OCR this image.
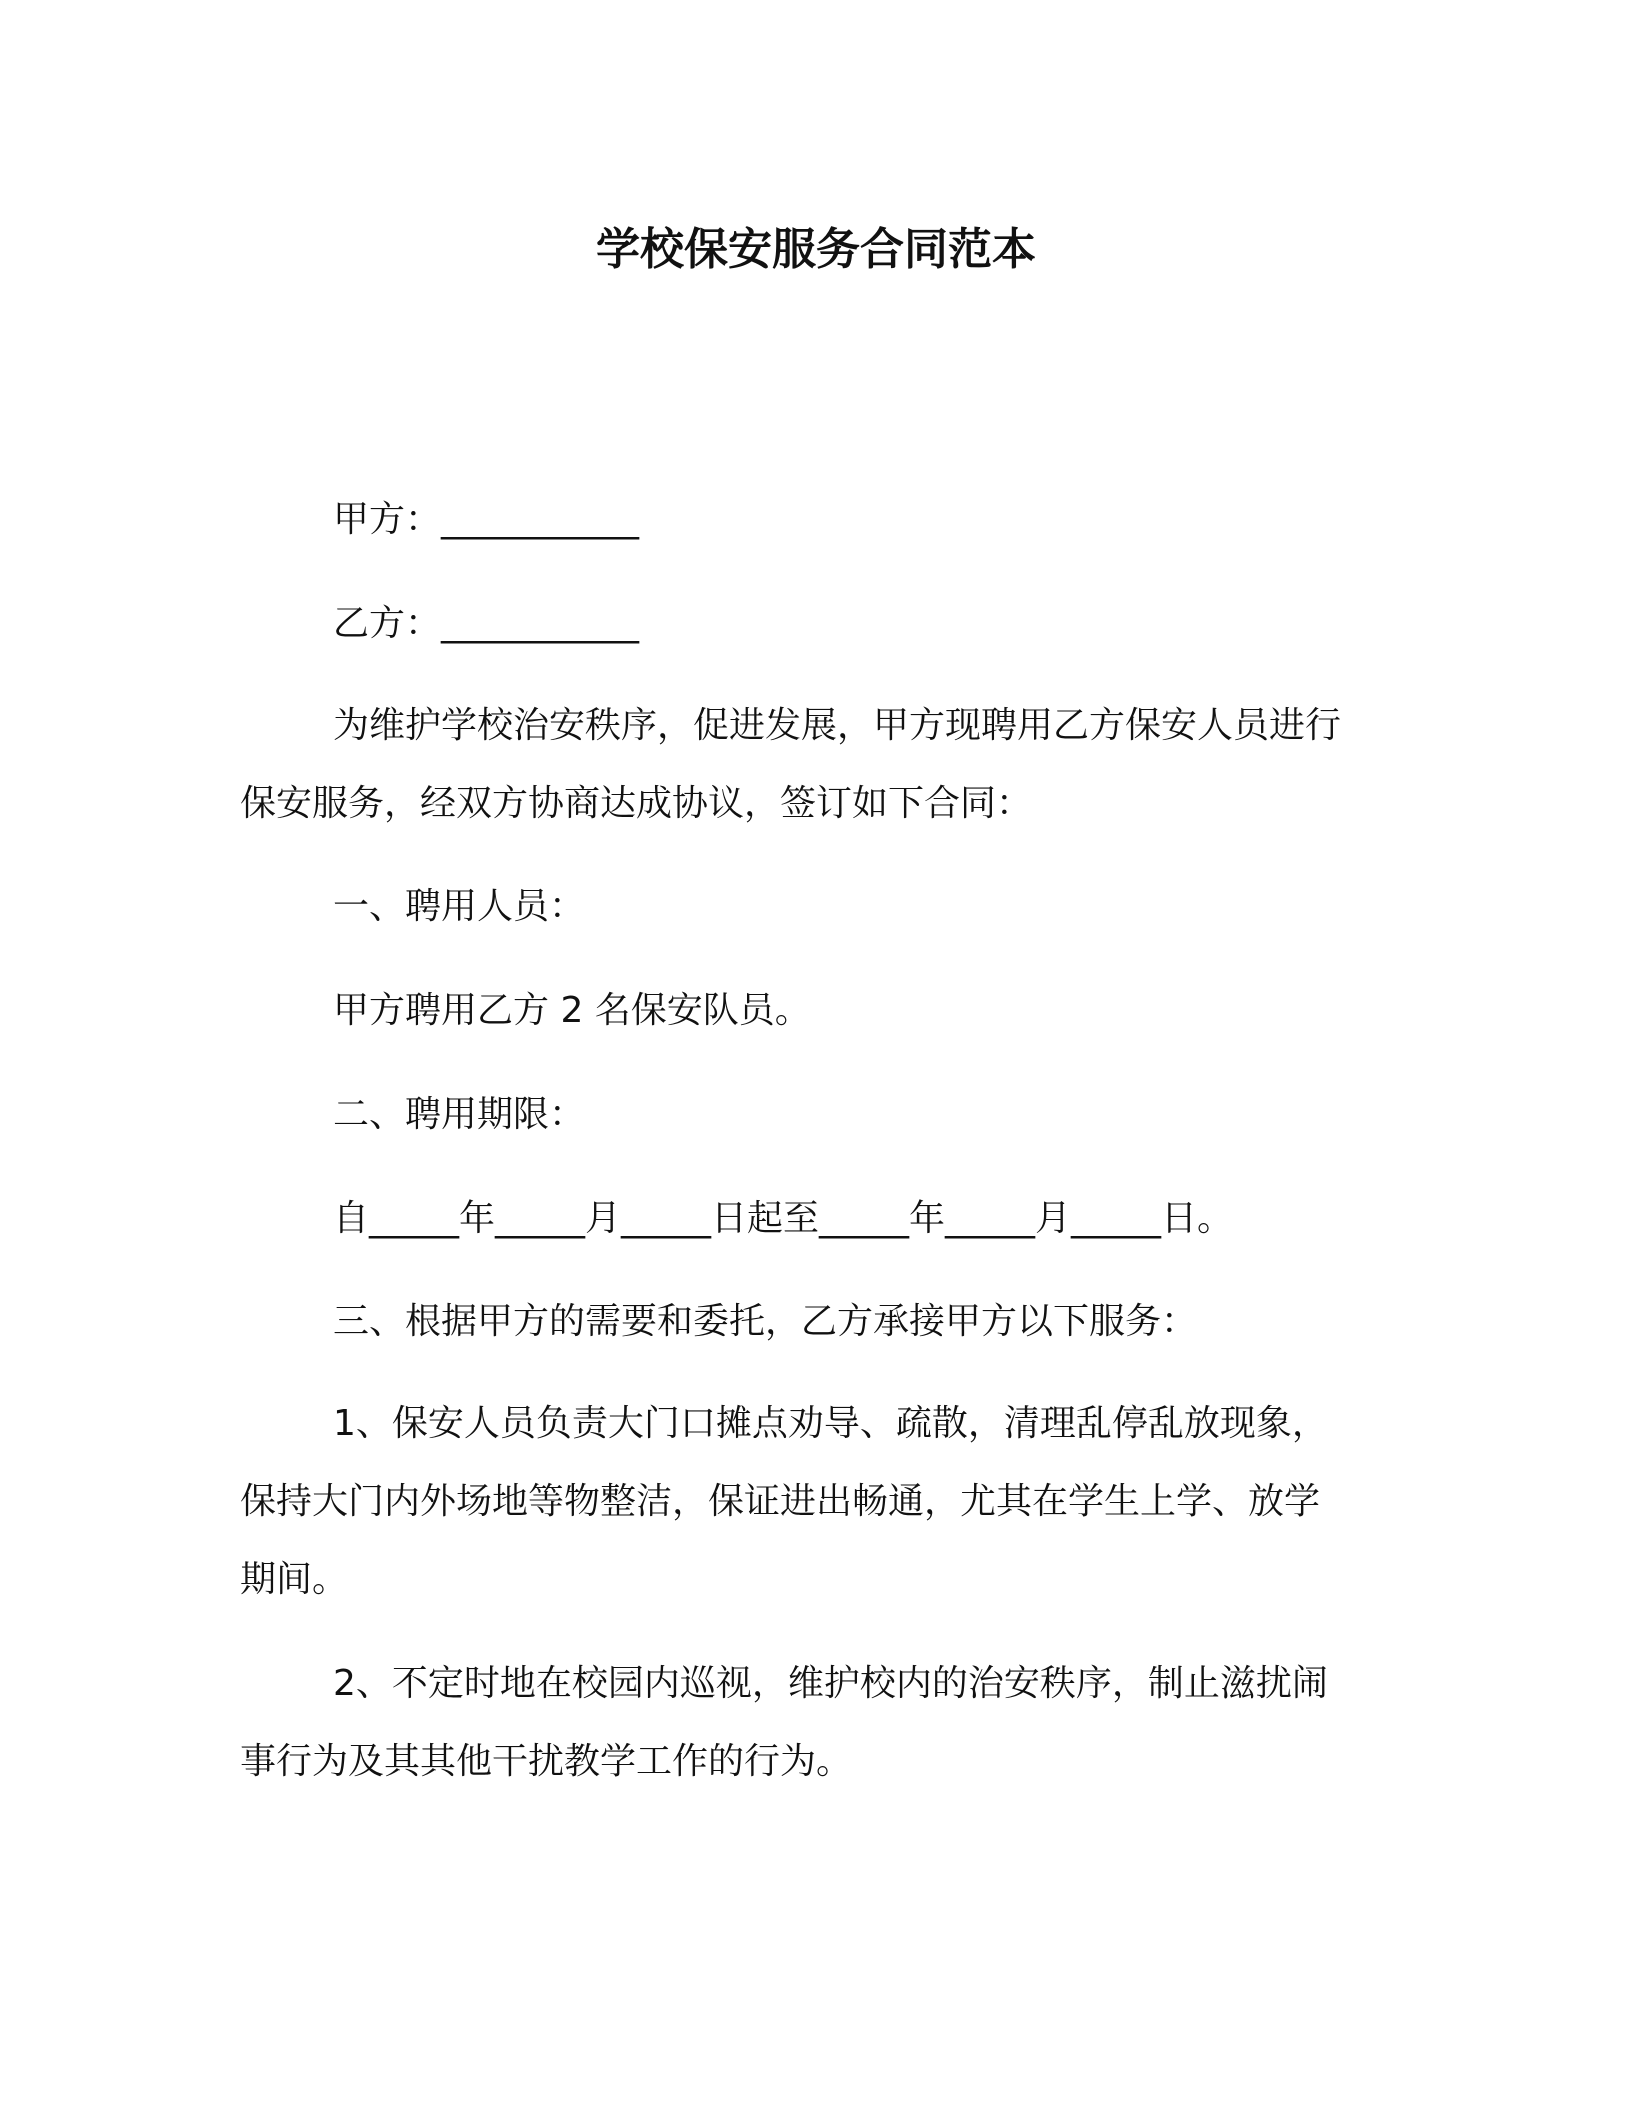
学校保安服务合同范本

甲方：___________

乙方：___________

为维护学校治安秩序，促进发展，甲方现聘用乙方保安人员进行

保安服务，经双方协商达成协议，签订如下合同：

一、聘用人员：

甲方聘用乙方 2 名保安队员。

二、聘用期限：

自_____年_____月_____日起至_____年_____月_____日。

三、根据甲方的需要和委托，乙方承接甲方以下服务：

1、保安人员负责大门口摊点劝导、疏散，清理乱停乱放现象，

保持大门内外场地等物整洁，保证进出畅通，尤其在学生上学、放学

期间。

2、不定时地在校园内巡视，维护校内的治安秩序，制止滋扰闹

事行为及其其他干扰教学工作的行为。
